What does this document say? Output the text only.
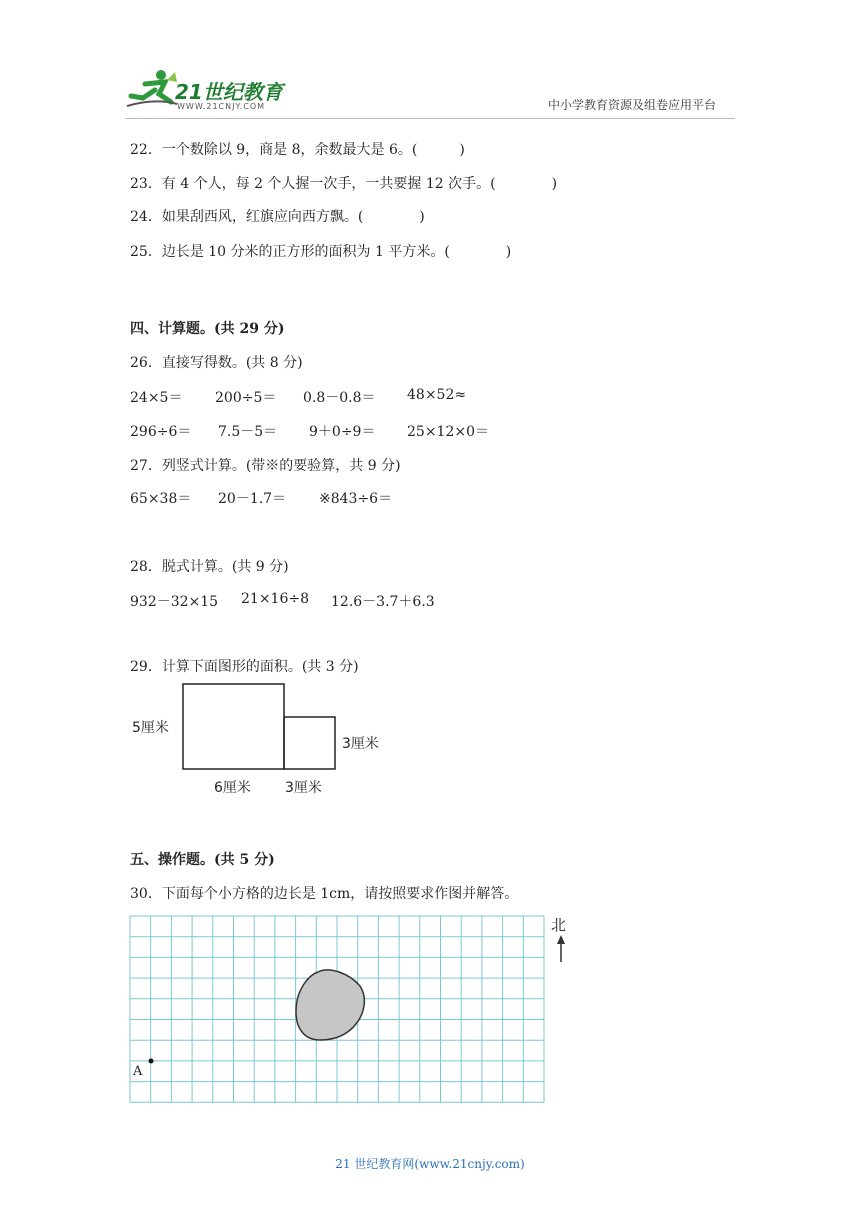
21世纪教育
WWW.21CNJY.COM	中小学教育资源及组卷应用平台
22．一个数除以 9，商是 8，余数最大是 6。(　　　)
23．有 4 个人，每 2 个人握一次手，一共要握 12 次手。(　　　　)
24．如果刮西风，红旗应向西方飘。(　　　　)
25．边长是 10 分米的正方形的面积为 1 平方米。(　　　　)
四、计算题。(共 29 分)
26．直接写得数。(共 8 分)
24×5＝ 200÷5＝ 0.8－0.8＝ 48×52≈
296÷6＝ 7.5－5＝ 9＋0÷9＝ 25×12×0＝
27．列竖式计算。(带※的要验算，共 9 分)
65×38＝ 20－1.7＝ ※843÷6＝
28．脱式计算。(共 9 分)
932－32×15 21×16÷8 12.6－3.7＋6.3
29．计算下面图形的面积。(共 3 分)
5厘米
3厘米
6厘米 3厘米
五、操作题。(共 5 分)
30．下面每个小方格的边长是 1cm，请按照要求作图并解答。
北
A
21 世纪教育网(www.21cnjy.com)
